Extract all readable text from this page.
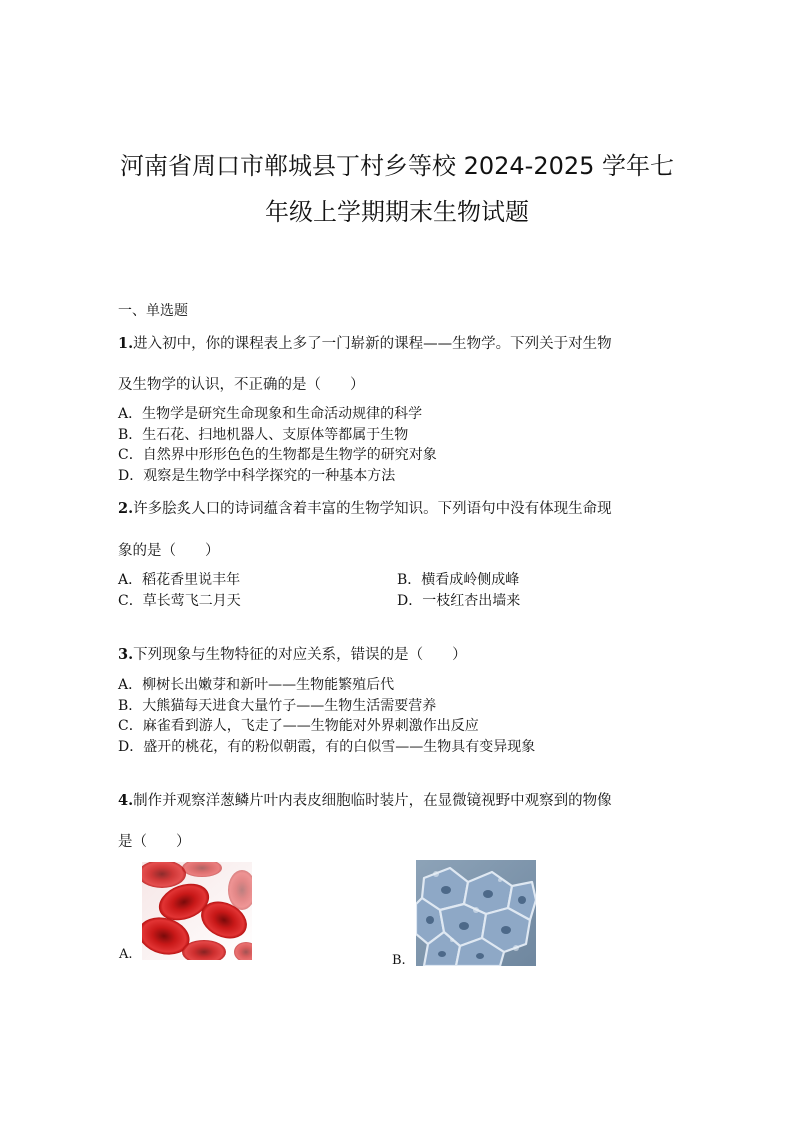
河南省周口市郸城县丁村乡等校 2024-2025 学年七
年级上学期期末生物试题
一、单选题
1.进入初中，你的课程表上多了一门崭新的课程——生物学。下列关于对生物
及生物学的认识，不正确的是（　　）
A．生物学是研究生命现象和生命活动规律的科学
B．生石花、扫地机器人、支原体等都属于生物
C．自然界中形形色色的生物都是生物学的研究对象
D．观察是生物学中科学探究的一种基本方法
2.许多脍炙人口的诗词蕴含着丰富的生物学知识。下列语句中没有体现生命现
象的是（　　）
A．稻花香里说丰年	B．横看成岭侧成峰
C．草长莺飞二月天	D．一枝红杏出墙来
3.下列现象与生物特征的对应关系，错误的是（　　）
A．柳树长出嫩芽和新叶——生物能繁殖后代
B．大熊猫每天进食大量竹子——生物生活需要营养
C．麻雀看到游人，飞走了——生物能对外界刺激作出反应
D．盛开的桃花，有的粉似朝霞，有的白似雪——生物具有变异现象
4.制作并观察洋葱鳞片叶内表皮细胞临时装片，在显微镜视野中观察到的物像
是（　　）
A.	B.
